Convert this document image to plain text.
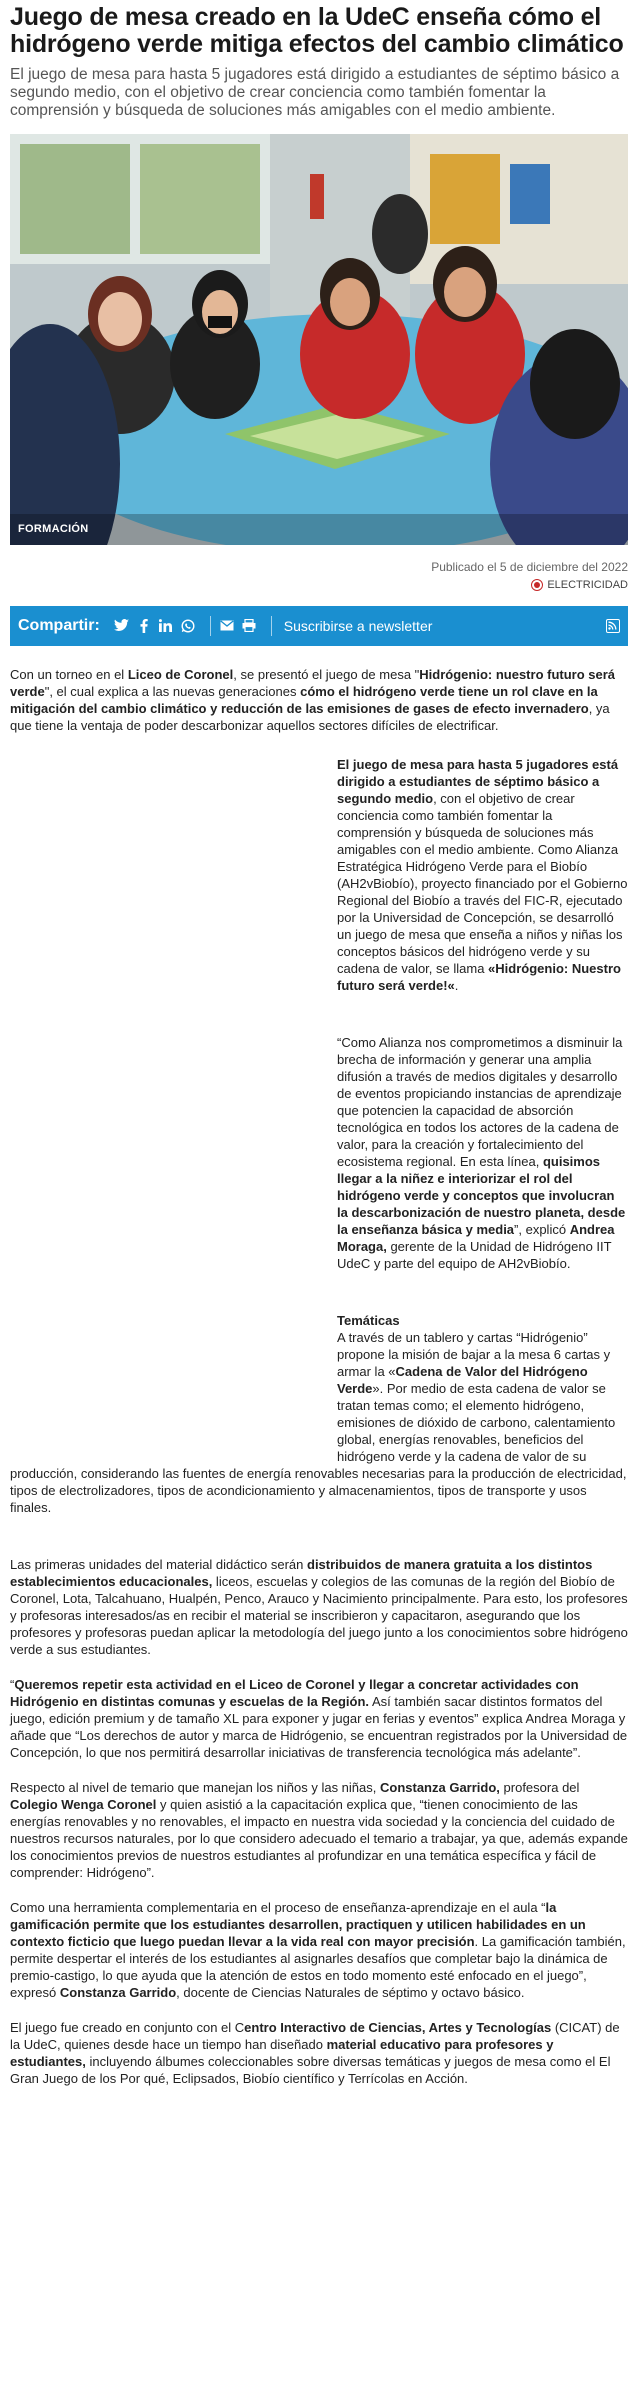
Juego de mesa creado en la UdeC enseña cómo el hidrógeno verde mitiga efectos del cambio climático

El juego de mesa para hasta 5 jugadores está dirigido a estudiantes de séptimo básico a segundo medio, con el objetivo de crear conciencia como también fomentar la comprensión y búsqueda de soluciones más amigables con el medio ambiente.

FORMACIÓN
Publicado el 5 de diciembre del 2022
ELECTRICIDAD
Compartir:	Suscribirse a newsletter

Con un torneo en el Liceo de Coronel, se presentó el juego de mesa "Hidrógenio: nuestro futuro será verde", el cual explica a las nuevas generaciones cómo el hidrógeno verde tiene un rol clave en la mitigación del cambio climático y reducción de las emisiones de gases de efecto invernadero, ya que tiene la ventaja de poder descarbonizar aquellos sectores difíciles de electrificar.

El juego de mesa para hasta 5 jugadores está dirigido a estudiantes de séptimo básico a segundo medio, con el objetivo de crear conciencia como también fomentar la comprensión y búsqueda de soluciones más amigables con el medio ambiente. Como Alianza Estratégica Hidrógeno Verde para el Biobío (AH2vBiobío), proyecto financiado por el Gobierno Regional del Biobío a través del FIC-R, ejecutado por la Universidad de Concepción, se desarrolló un juego de mesa que enseña a niños y niñas los conceptos básicos del hidrógeno verde y su cadena de valor, se llama «Hidrógenio: Nuestro futuro será verde!«.

“Como Alianza nos comprometimos a disminuir la brecha de información y generar una amplia difusión a través de medios digitales y desarrollo de eventos propiciando instancias de aprendizaje que potencien la capacidad de absorción tecnológica en todos los actores de la cadena de valor, para la creación y fortalecimiento del ecosistema regional. En esta línea, quisimos llegar a la niñez e interiorizar el rol del hidrógeno verde y conceptos que involucran la descarbonización de nuestro planeta, desde la enseñanza básica y media”, explicó Andrea Moraga, gerente de la Unidad de Hidrógeno IIT UdeC y parte del equipo de AH2vBiobío.

Temáticas
A través de un tablero y cartas “Hidrógenio” propone la misión de bajar a la mesa 6 cartas y armar la «Cadena de Valor del Hidrógeno Verde». Por medio de esta cadena de valor se tratan temas como; el elemento hidrógeno, emisiones de dióxido de carbono, calentamiento global, energías renovables, beneficios del hidrógeno verde y la cadena de valor de su producción, considerando las fuentes de energía renovables necesarias para la producción de electricidad, tipos de electrolizadores, tipos de acondicionamiento y almacenamientos, tipos de transporte y usos finales.

Las primeras unidades del material didáctico serán distribuidos de manera gratuita a los distintos establecimientos educacionales, liceos, escuelas y colegios de las comunas de la región del Biobío de Coronel, Lota, Talcahuano, Hualpén, Penco, Arauco y Nacimiento principalmente. Para esto, los profesores y profesoras interesados/as en recibir el material se inscribieron y capacitaron, asegurando que los profesores y profesoras puedan aplicar la metodología del juego junto a los conocimientos sobre hidrógeno verde a sus estudiantes.

“Queremos repetir esta actividad en el Liceo de Coronel y llegar a concretar actividades con Hidrógenio en distintas comunas y escuelas de la Región. Así también sacar distintos formatos del juego, edición premium y de tamaño XL para exponer y jugar en ferias y eventos” explica Andrea Moraga y añade que “Los derechos de autor y marca de Hidrógenio, se encuentran registrados por la Universidad de Concepción, lo que nos permitirá desarrollar iniciativas de transferencia tecnológica más adelante”.

Respecto al nivel de temario que manejan los niños y las niñas, Constanza Garrido, profesora del Colegio Wenga Coronel y quien asistió a la capacitación explica que, “tienen conocimiento de las energías renovables y no renovables, el impacto en nuestra vida sociedad y la conciencia del cuidado de nuestros recursos naturales, por lo que considero adecuado el temario a trabajar, ya que, además expande los conocimientos previos de nuestros estudiantes al profundizar en una temática específica y fácil de comprender: Hidrógeno”.

Como una herramienta complementaria en el proceso de enseñanza-aprendizaje en el aula “la gamificación permite que los estudiantes desarrollen, practiquen y utilicen habilidades en un contexto ficticio que luego puedan llevar a la vida real con mayor precisión. La gamificación también, permite despertar el interés de los estudiantes al asignarles desafíos que completar bajo la dinámica de premio-castigo, lo que ayuda que la atención de estos en todo momento esté enfocado en el juego”, expresó Constanza Garrido, docente de Ciencias Naturales de séptimo y octavo básico.

El juego fue creado en conjunto con el Centro Interactivo de Ciencias, Artes y Tecnologías (CICAT) de la UdeC, quienes desde hace un tiempo han diseñado material educativo para profesores y estudiantes, incluyendo álbumes coleccionables sobre diversas temáticas y juegos de mesa como el El Gran Juego de los Por qué, Eclipsados, Biobío científico y Terrícolas en Acción.
